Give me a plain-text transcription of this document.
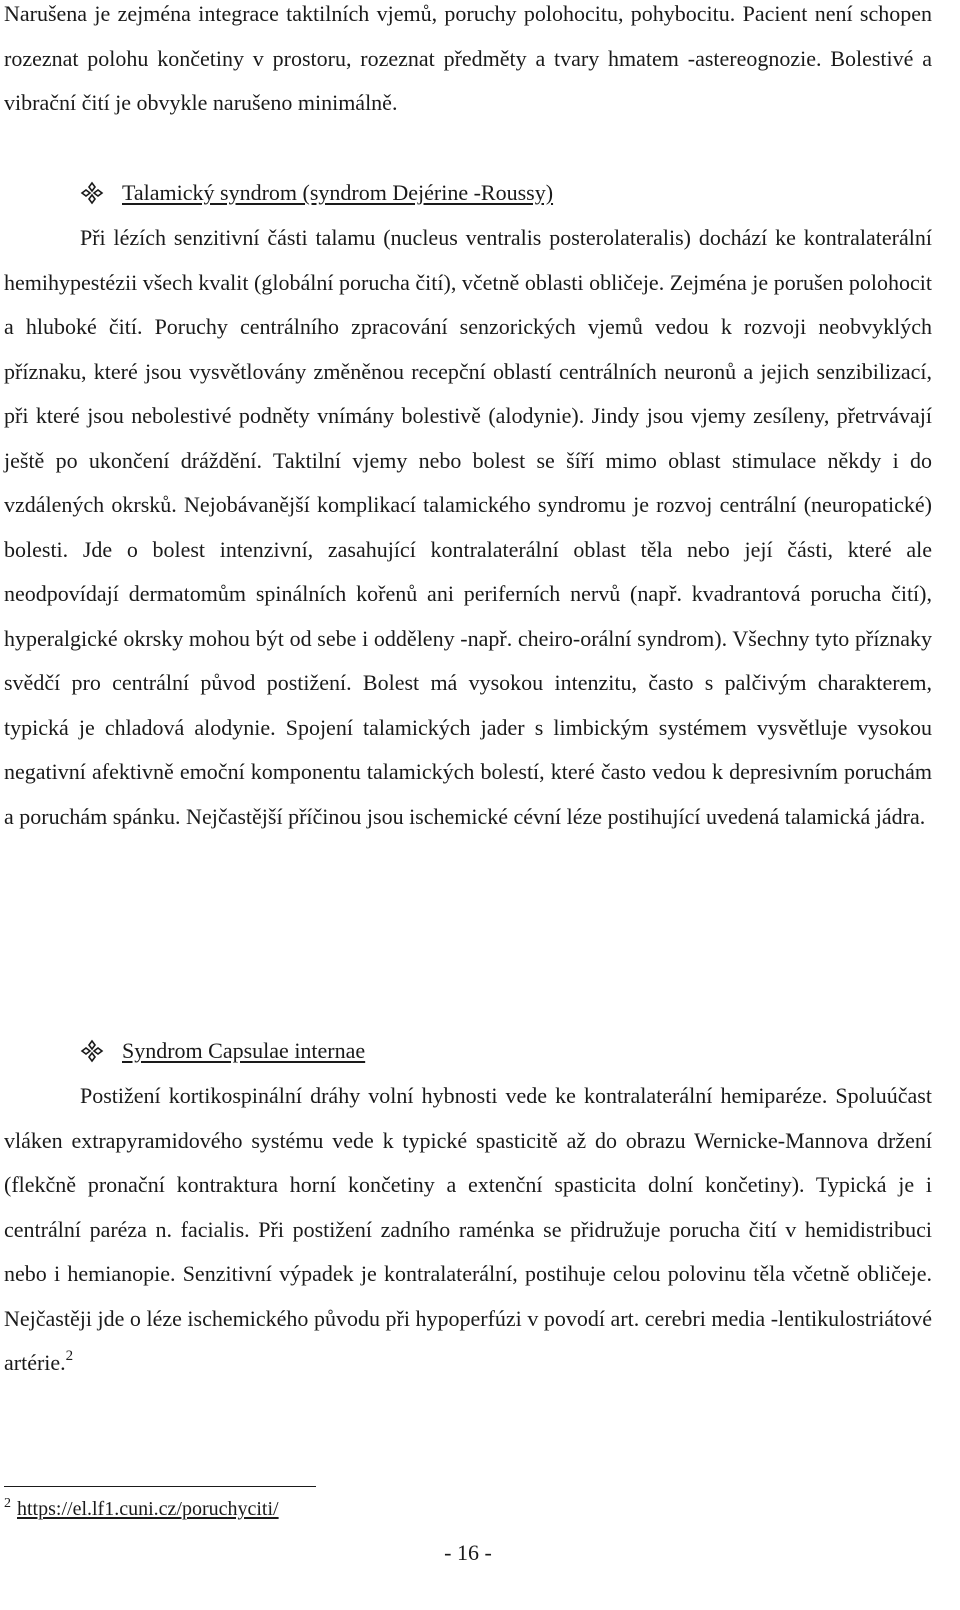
Narušena je zejména integrace taktilních vjemů, poruchy polohocitu, pohybocitu. Pacient není schopen rozeznat polohu končetiny v prostoru, rozeznat předměty a tvary hmatem -astereognozie. Bolestivé a vibrační čití je obvykle narušeno minimálně.

Talamický syndrom (syndrom Dejérine -Roussy)

Při lézích senzitivní části talamu (nucleus ventralis posterolateralis) dochází ke kontralaterální hemihypestézii všech kvalit (globální porucha čití), včetně oblasti obličeje. Zejména je porušen polohocit a hluboké čití. Poruchy centrálního zpracování senzorických vjemů vedou k rozvoji neobvyklých příznaku, které jsou vysvětlovány změněnou recepční oblastí centrálních neuronů a jejich senzibilizací, při které jsou nebolestivé podněty vnímány bolestivě (alodynie). Jindy jsou vjemy zesíleny, přetrvávají ještě po ukončení dráždění. Taktilní vjemy nebo bolest se šíří mimo oblast stimulace někdy i do vzdálených okrsků. Nejobávanější komplikací talamického syndromu je rozvoj centrální (neuropatické) bolesti. Jde o bolest intenzivní, zasahující kontralaterální oblast těla nebo její části, které ale neodpovídají dermatomům spinálních kořenů ani periferních nervů (např. kvadrantová porucha čití), hyperalgické okrsky mohou být od sebe i odděleny -např. cheiro-orální syndrom). Všechny tyto příznaky svědčí pro centrální původ postižení. Bolest má vysokou intenzitu, často s palčivým charakterem, typická je chladová alodynie. Spojení talamických jader s limbickým systémem vysvětluje vysokou negativní afektivně emoční komponentu talamických bolestí, které často vedou k depresivním poruchám a poruchám spánku. Nejčastější příčinou jsou ischemické cévní léze postihující uvedená talamická jádra.

Syndrom Capsulae internae

Postižení kortikospinální dráhy volní hybnosti vede ke kontralaterální hemiparéze. Spoluúčast vláken extrapyramidového systému vede k typické spasticitě až do obrazu Wernicke-Mannova držení (flekčně pronační kontraktura horní končetiny a extenční spasticita dolní končetiny). Typická je i centrální paréza n. facialis. Při postižení zadního raménka se přidružuje porucha čití v hemidistribuci nebo i hemianopie. Senzitivní výpadek je kontralaterální, postihuje celou polovinu těla včetně obličeje. Nejčastěji jde o léze ischemického původu při hypoperfúzi v povodí art. cerebri media -lentikulostriátové artérie.$^2$

$^2$ https://el.lf1.cuni.cz/poruchyciti/
- 16 -
